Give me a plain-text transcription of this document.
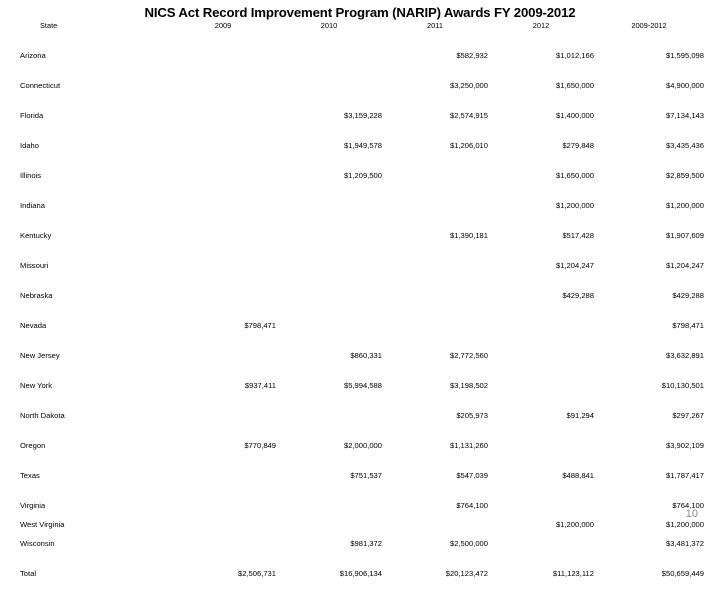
NICS Act Record Improvement Program (NARIP) Awards FY 2009-2012
State	2009	2010	2011	2012	2009-2012
Arizona			$582,932	$1,012,166	$1,595,098
Connecticut			$3,250,000	$1,650,000	$4,900,000
Florida		$3,159,228	$2,574,915	$1,400,000	$7,134,143
Idaho		$1,949,578	$1,206,010	$279,848	$3,435,436
Illinois		$1,209,500		$1,650,000	$2,859,500
Indiana				$1,200,000	$1,200,000
Kentucky			$1,390,181	$517,428	$1,907,609
Missouri				$1,204,247	$1,204,247
Nebraska				$429,288	$429,288
Nevada	$798,471				$798,471
New Jersey		$860,331	$2,772,560		$3,632,891
New York	$937,411	$5,994,588	$3,198,502		$10,130,501
North Dakota			$205,973	$91,294	$297,267
Oregon	$770,849	$2,000,000	$1,131,260		$3,902,109
Texas		$751,537	$547,039	$488,841	$1,787,417
Virginia			$764,100		$764,100
West Virginia				$1,200,000	$1,200,000
Wisconsin		$981,372	$2,500,000		$3,481,372
Total	$2,506,731	$16,906,134	$20,123,472	$11,123,112	$50,659,449
10
